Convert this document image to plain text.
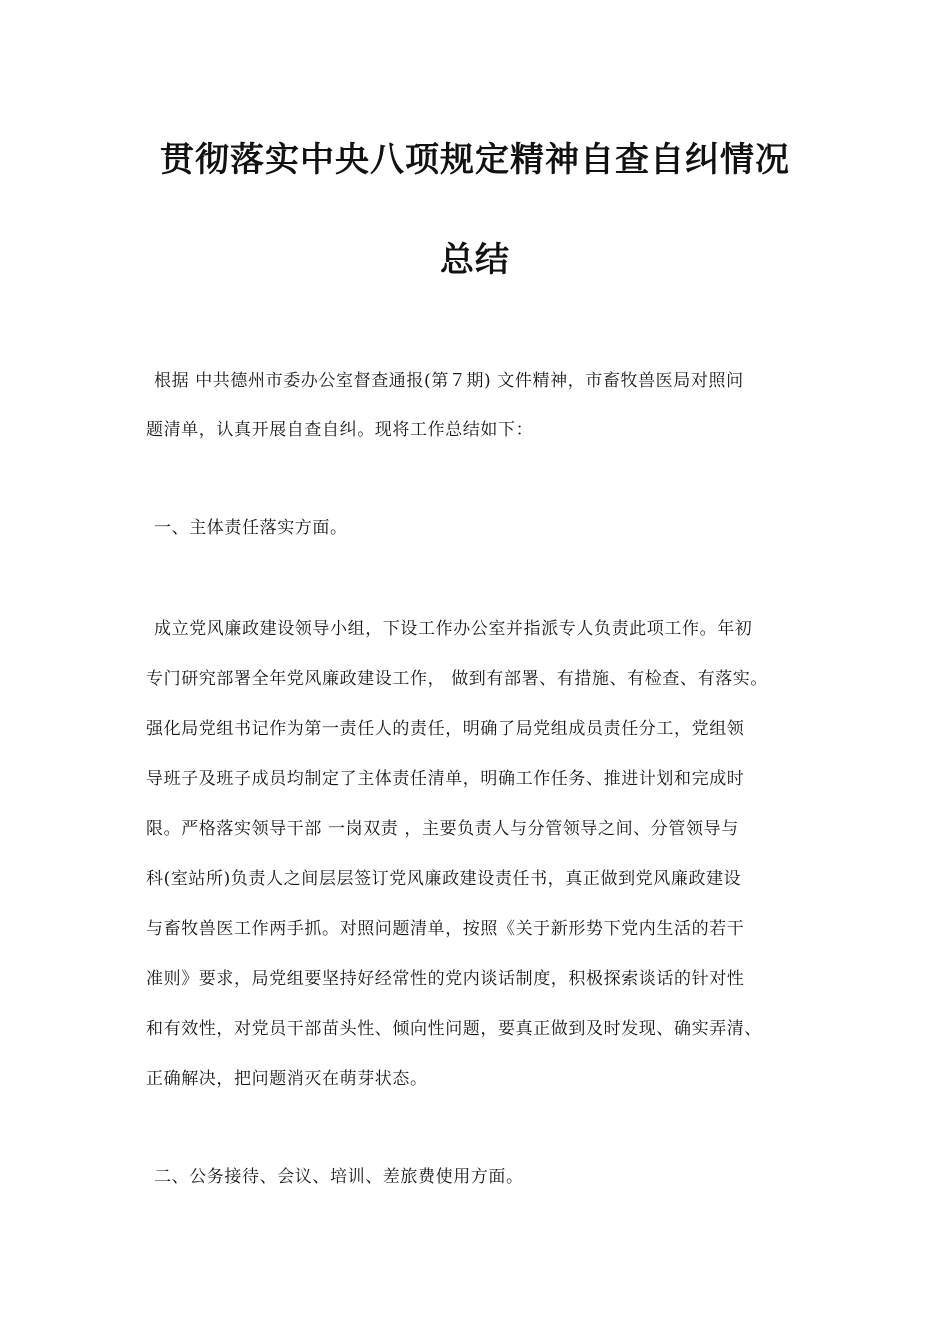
贯彻落实中央八项规定精神自查自纠情况
总结
根据 中共德州市委办公室督查通报(第７期) 文件精神，市畜牧兽医局对照问
题清单，认真开展自查自纠。现将工作总结如下：
一、主体责任落实方面。
成立党风廉政建设领导小组，下设工作办公室并指派专人负责此项工作。年初
专门研究部署全年党风廉政建设工作， 做到有部署、有措施、有检查、有落实。
强化局党组书记作为第一责任人的责任，明确了局党组成员责任分工，党组领
导班子及班子成员均制定了主体责任清单，明确工作任务、推进计划和完成时
限。严格落实领导干部 一岗双责 ，主要负责人与分管领导之间、分管领导与
科(室站所)负责人之间层层签订党风廉政建设责任书，真正做到党风廉政建设
与畜牧兽医工作两手抓。对照问题清单，按照《关于新形势下党内生活的若干
准则》要求，局党组要坚持好经常性的党内谈话制度，积极探索谈话的针对性
和有效性，对党员干部苗头性、倾向性问题，要真正做到及时发现、确实弄清、
正确解决，把问题消灭在萌芽状态。
二、公务接待、会议、培训、差旅费使用方面。
